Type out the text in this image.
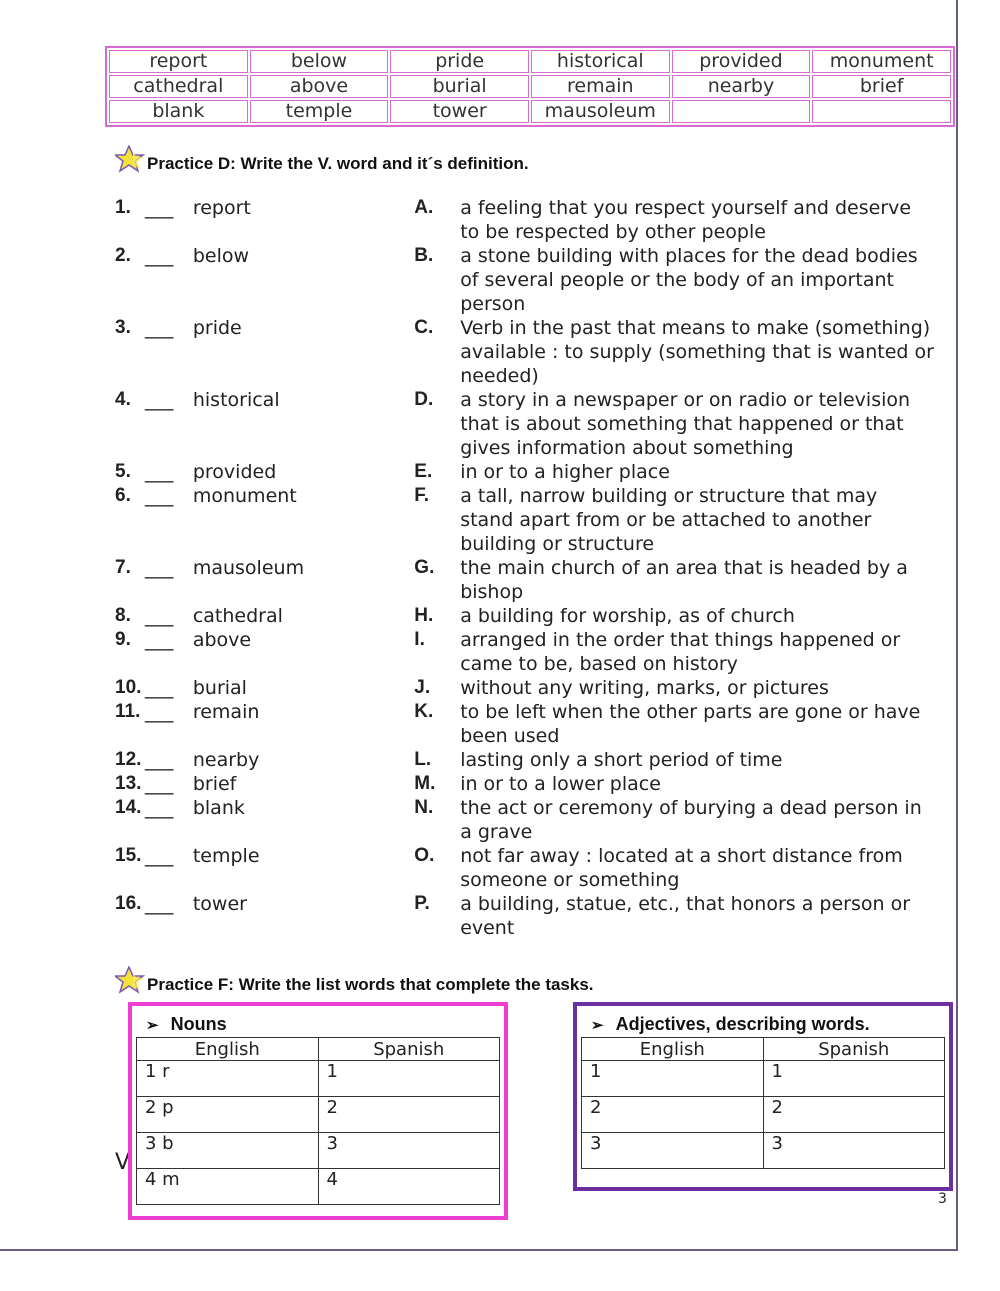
report	below	pride	historical	provided	monument
cathedral	above	burial	remain	nearby	brief
blank	temple	tower	mausoleum		
Practice D: Write the V. word and it´s definition.
1. ___	report	A.	a feeling that you respect yourself and deserve to be respected by other people
2. ___	below	B.	a stone building with places for the dead bodies of several people or the body of an important person
3. ___	pride	C.	Verb in the past that means to make (something) available : to supply (something that is wanted or needed)
4. ___	historical	D.	a story in a newspaper or on radio or television that is about something that happened or that gives information about something
5. ___	provided	E.	in or to a higher place
6. ___	monument	F.	a tall, narrow building or structure that may stand apart from or be attached to another building or structure
7. ___	mausoleum	G.	the main church of an area that is headed by a bishop
8. ___	cathedral	H.	a building for worship, as of church
9. ___	above	I.	arranged in the order that things happened or came to be, based on history
10. ___	burial	J.	without any writing, marks, or pictures
11. ___	remain	K.	to be left when the other parts are gone or have been used
12. ___	nearby	L.	lasting only a short period of time
13. ___	brief	M.	in or to a lower place
14. ___	blank	N.	the act or ceremony of burying a dead person in a grave
15. ___	temple	O.	not far away : located at a short distance from someone or something
16. ___	tower	P.	a building, statue, etc., that honors a person or event
Practice F: Write the list words that complete the tasks.
V
➢ Nouns
English	Spanish
1 r	1
2 p	2
3 b	3
4 m	4
➢ Adjectives, describing words.
English	Spanish
1	1
2	2
3	3
3
